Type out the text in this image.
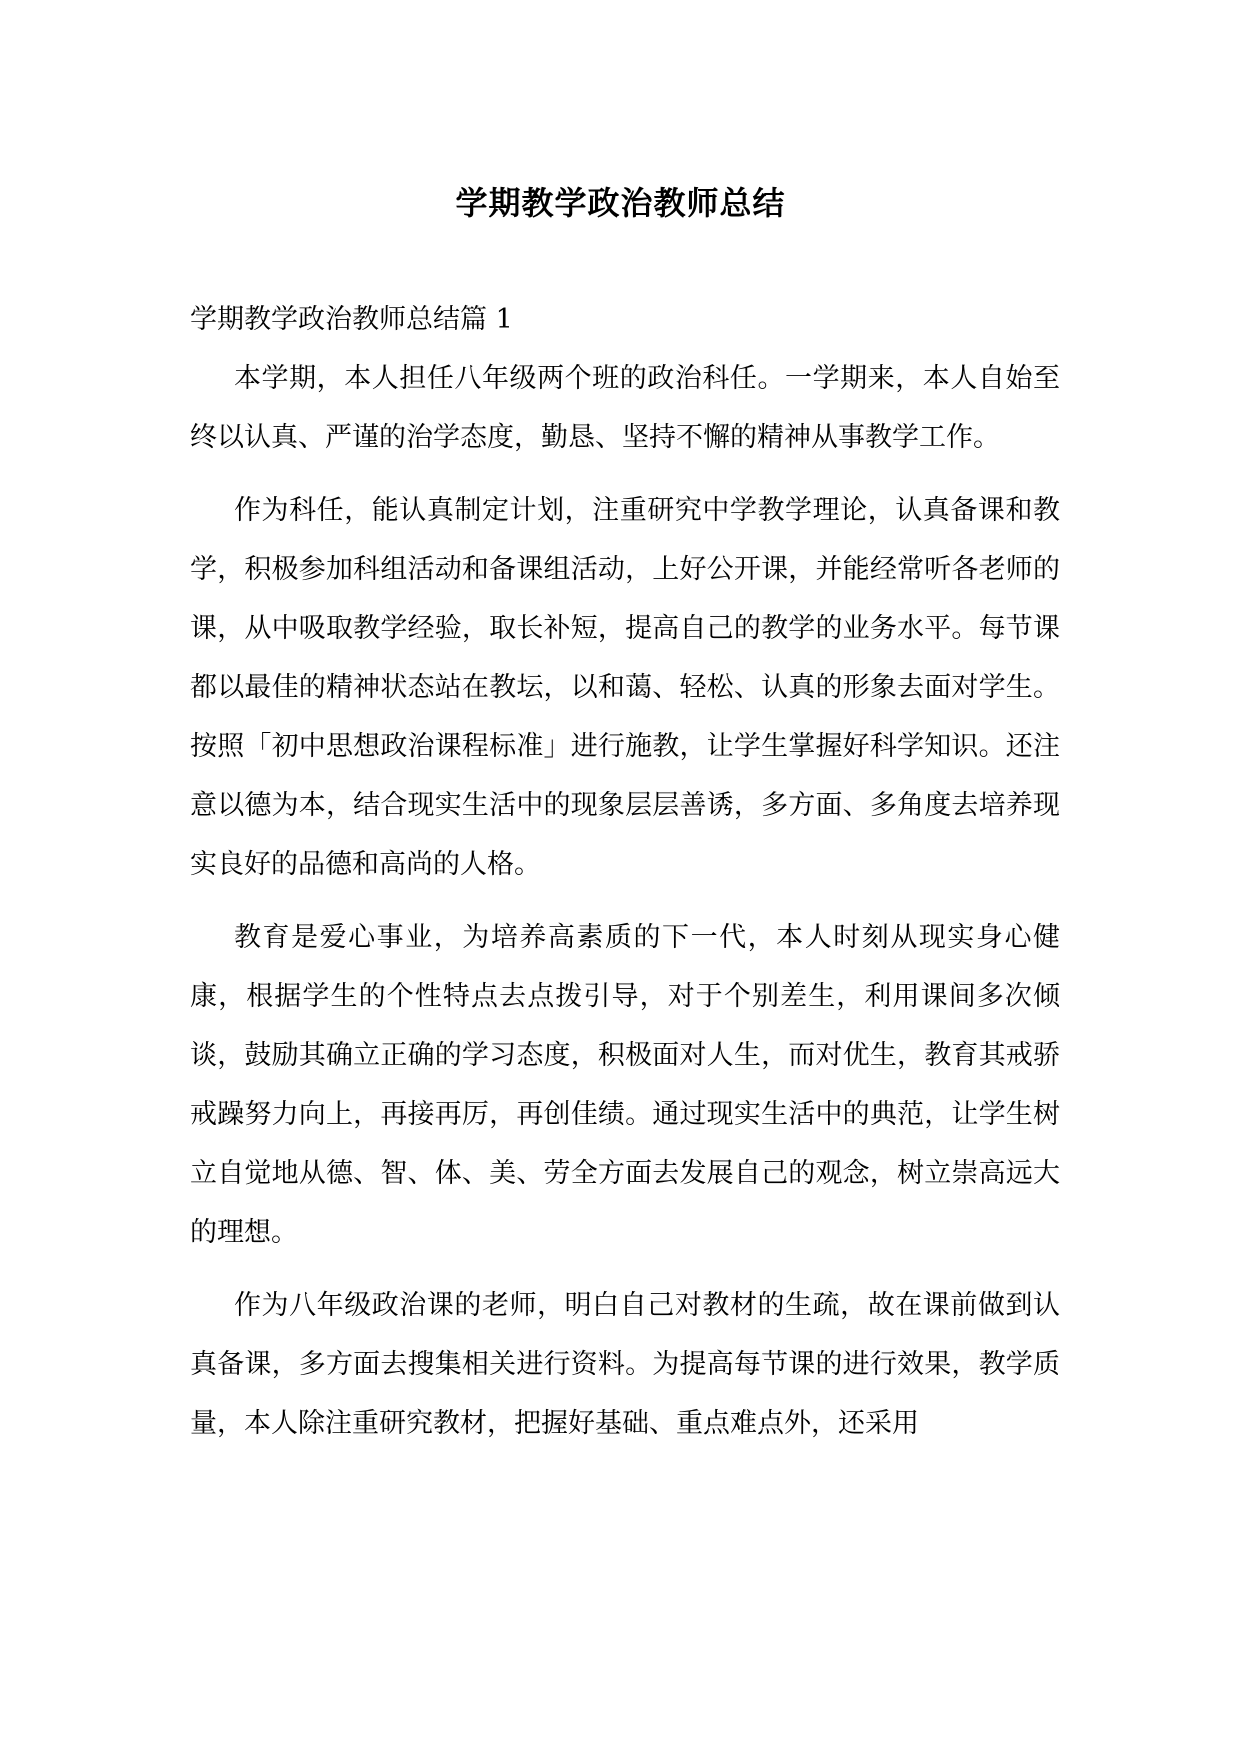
学期教学政治教师总结

学期教学政治教师总结篇 1

本学期，本人担任八年级两个班的政治科任。一学期来，本人自始至终以认真、严谨的治学态度，勤恳、坚持不懈的精神从事教学工作。

作为科任，能认真制定计划，注重研究中学教学理论，认真备课和教学，积极参加科组活动和备课组活动，上好公开课，并能经常听各老师的课，从中吸取教学经验，取长补短，提高自己的教学的业务水平。每节课都以最佳的精神状态站在教坛，以和蔼、轻松、认真的形象去面对学生。按照「初中思想政治课程标准」进行施教，让学生掌握好科学知识。还注意以德为本，结合现实生活中的现象层层善诱，多方面、多角度去培养现实良好的品德和高尚的人格。

教育是爱心事业，为培养高素质的下一代，本人时刻从现实身心健康，根据学生的个性特点去点拨引导，对于个别差生，利用课间多次倾谈，鼓励其确立正确的学习态度，积极面对人生，而对优生，教育其戒骄戒躁努力向上，再接再厉，再创佳绩。通过现实生活中的典范，让学生树立自觉地从德、智、体、美、劳全方面去发展自己的观念，树立崇高远大的理想。

作为八年级政治课的老师，明白自己对教材的生疏，故在课前做到认真备课，多方面去搜集相关进行资料。为提高每节课的进行效果，教学质量，本人除注重研究教材，把握好基础、重点难点外，还采用
